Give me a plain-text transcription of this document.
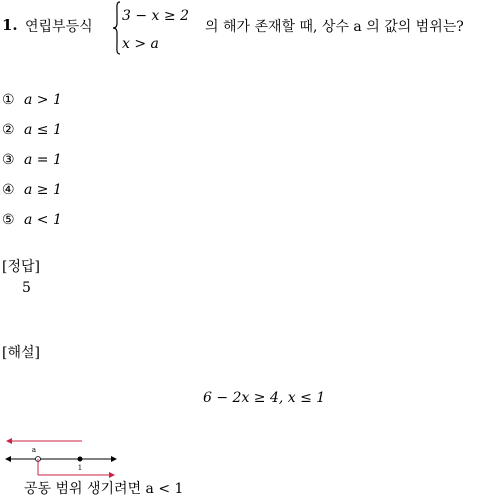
1. 연립부등식
3 − x ≥ 2
x > a
의 해가 존재할 때, 상수 a 의 값의 범위는?
① a > 1
② a ≤ 1
③ a = 1
④ a ≥ 1
⑤ a < 1
[정답]
5
[해설]
6 − 2x ≥ 4, x ≤ 1
a
1
공동 범위 생기려면 a < 1
